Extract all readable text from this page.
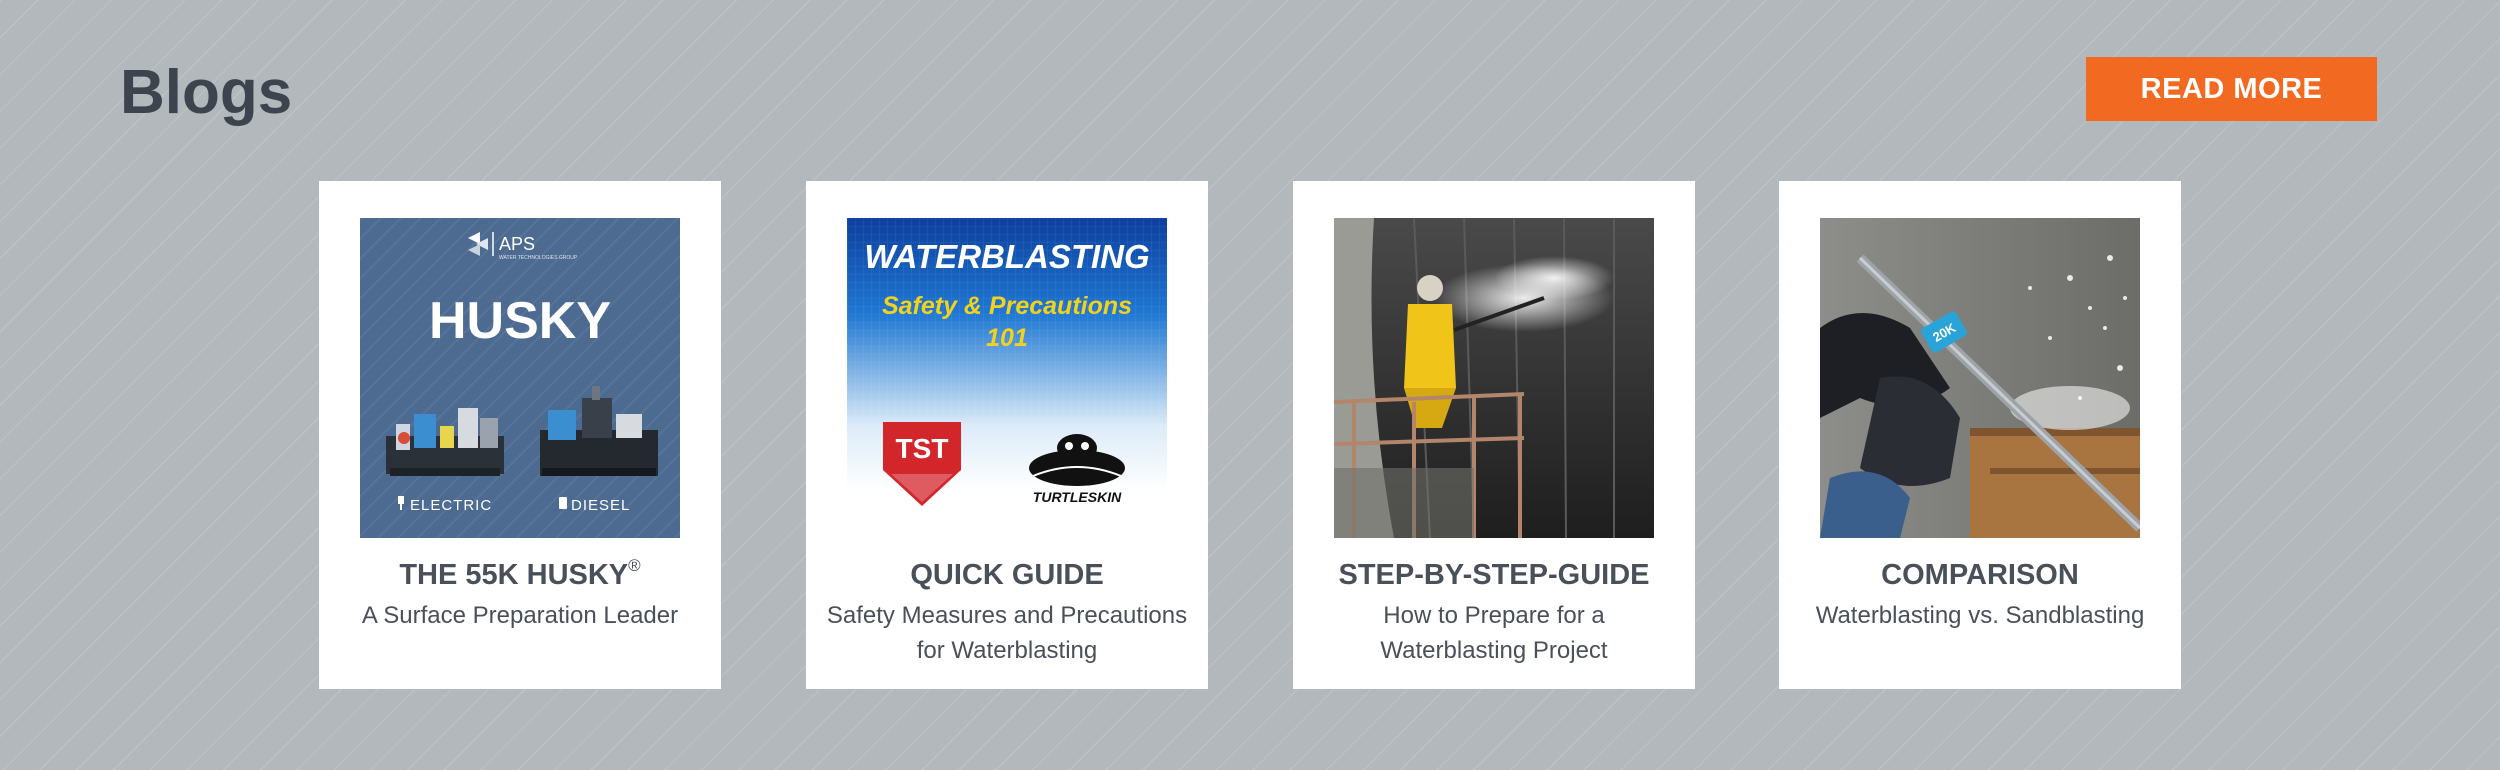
Blogs	READ MORE
APS
WATER TECHNOLOGIES GROUP
HUSKY
ELECTRIC	DIESEL
THE 55K HUSKY®
A Surface Preparation Leader
WATERBLASTING
Safety & Precautions
101
TST
TURTLESKIN
QUICK GUIDE
Safety Measures and Precautions for Waterblasting
STEP-BY-STEP-GUIDE
How to Prepare for a Waterblasting Project
20K
COMPARISON
Waterblasting vs. Sandblasting
